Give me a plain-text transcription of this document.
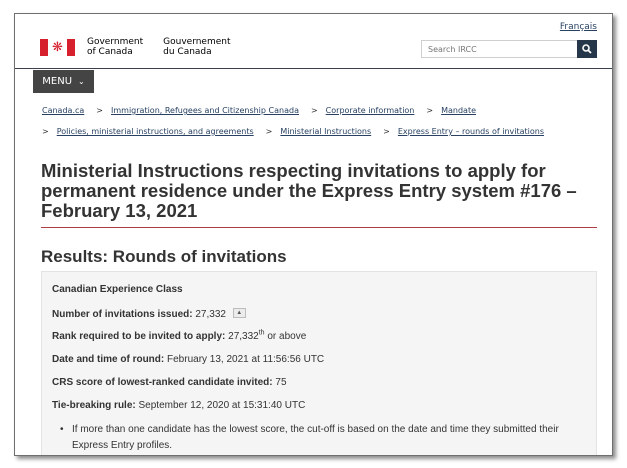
Français
❋	Government
of Canada
Gouvernement
du Canada
Search IRCC
MENU ⌄
Canada.ca > Immigration, Refugees and Citizenship Canada > Corporate information > Mandate
> Policies, ministerial instructions, and agreements > Ministerial Instructions > Express Entry – rounds of invitations
Ministerial Instructions respecting invitations to apply for permanent residence under the Express Entry system #176 – February 13, 2021
Results: Rounds of invitations
Canadian Experience Class
Number of invitations issued: 27,332 ▲
Rank required to be invited to apply: 27,332th or above
Date and time of round: February 13, 2021 at 11:56:56 UTC
CRS score of lowest-ranked candidate invited: 75
Tie-breaking rule: September 12, 2020 at 15:31:40 UTC
• If more than one candidate has the lowest score, the cut-off is based on the date and time they submitted their Express Entry profiles.
